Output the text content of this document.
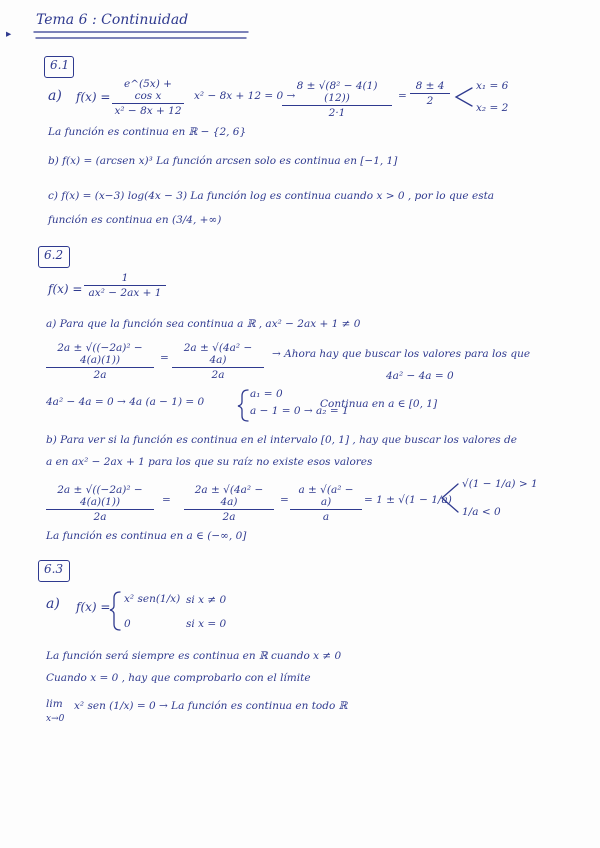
▸
Tema 6 : Continuidad
6.1
a) $f(x) = \frac{\text{e\textasciicircum{}(5x) + cos x}}{\text{x² − 8x + 12}} x^2 - 8x + 12 = 0$ →
$\frac{\text{8 ± √(8² − 4(1)(12))}}{2\cdot 1} = \frac{8 \pm 4}{2} x_1 = 6$
x₂ = 2
La función es continua en ℝ − {2, 6}
b) f(x) = (arcsen x)³ La función arcsen solo es continua en [−1, 1]
c) f(x) = (x−3) log(4x − 3) La función log es continua cuando x > 0 , por lo que esta
función es continua en (3/4, +∞)
6.2
$f(x) = \frac{1}{\text{ax² − 2ax + 1}}$
a) Para que la función sea continua a ℝ , ax² − 2ax + 1 ≠ 0
$\frac{\text{2a ± √((−2a)² − 4(a)(1))}}{2a} = \frac{\text{2a ± √(4a² − 4a)}}{2a}$ → Ahora hay que buscar los valores para los que
4a² − 4a = 0
4a² − 4a = 0 → 4a (a − 1) = 0
a₁ = 0
a − 1 = 0 → a₂ = 1
Continua en a ∈ [0, 1]
b) Para ver si la función es continua en el intervalo [0, 1] , hay que buscar los valores de
a en ax² − 2ax + 1 para los que su raíz no existe esos valores
$\frac{\text{2a ± √((−2a)² − 4(a)(1))}}{2a} = \frac{\text{2a ± √(4a² − 4a)}}{2a} = \frac{\text{a ± √(a² − a)}}{a} = 1 \pm √(1 - 1/a)$
√(1 − 1/a) > 1
1/a < 0
La función es continua en a ∈ (−∞, 0]
6.3
a) f(x) =
x² sen(1/x) si x ≠ 0
0	si x = 0
La función será siempre es continua en ℝ cuando x ≠ 0
Cuando x = 0 , hay que comprobarlo con el límite
lim
x→0
x² sen (1/x) = 0 → La función es continua en todo ℝ
